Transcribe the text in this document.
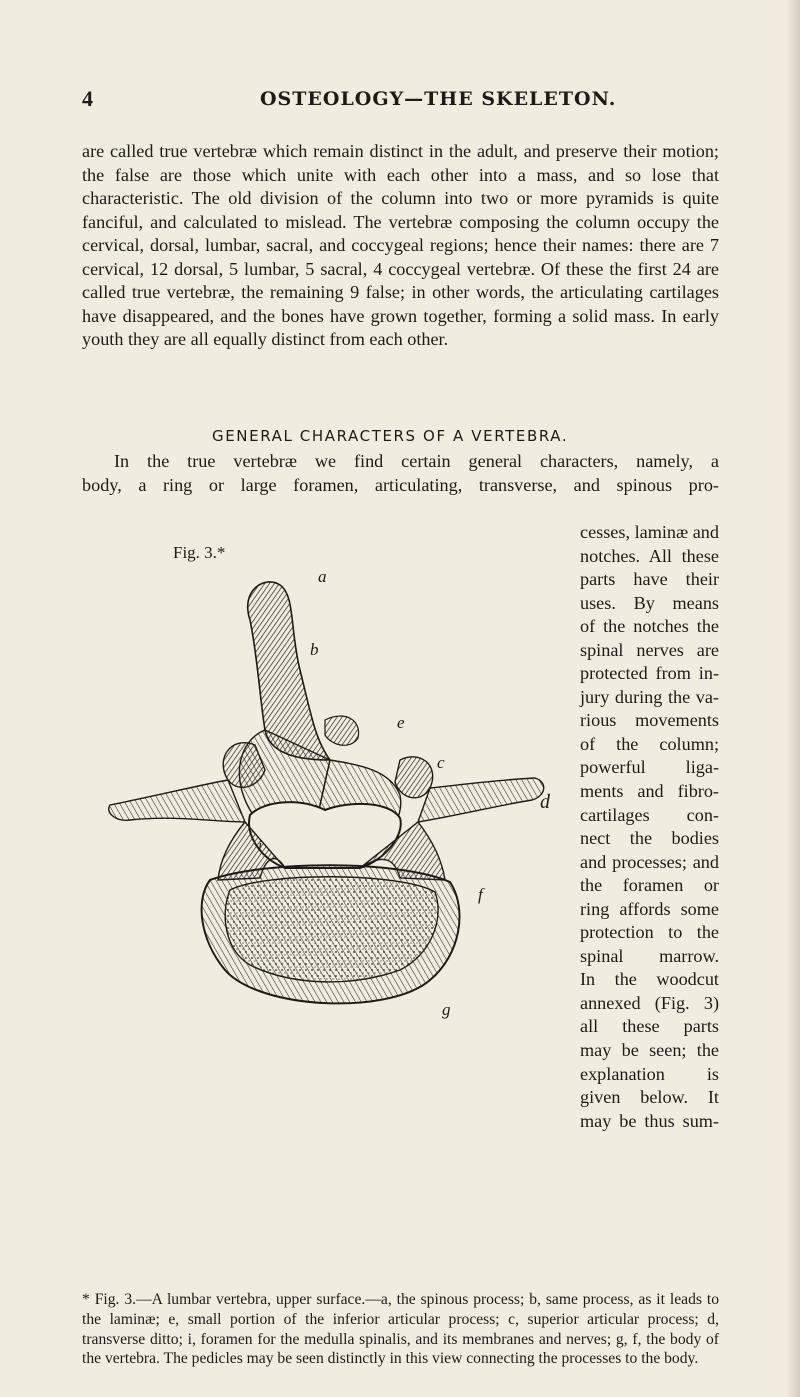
4	OSTEOLOGY—THE SKELETON.
are called true vertebræ which remain distinct in the adult, and preserve their motion; the false are those which unite with each other into a mass, and so lose that characteristic. The old division of the column into two or more pyramids is quite fanciful, and calculated to mislead. The vertebræ composing the column occupy the cervical, dorsal, lumbar, sacral, and coccygeal regions; hence their names: there are 7 cervical, 12 dorsal, 5 lumbar, 5 sacral, 4 coccygeal vertebræ. Of these the first 24 are called true vertebræ, the remaining 9 false; in other words, the articulating cartilages have disappeared, and the bones have grown together, forming a solid mass. In early youth they are all equally distinct from each other.
GENERAL CHARACTERS OF A VERTEBRA.
In the true vertebræ we find certain general characters, namely, a
body, a ring or large foramen, articulating, transverse, and spinous pro-
cesses, laminæ and
notches. All these
parts have their
uses. By means
of the notches the
spinal nerves are
protected from in-
jury during the va-
rious movements
of the column;
powerful liga-
ments and fibro-
cartilages con-
nect the bodies
and processes; and
the foramen or
ring affords some
protection to the
spinal marrow.
In the woodcut
annexed (Fig. 3)
all these parts
may be seen; the
explanation is
given below. It
may be thus sum-
Fig. 3.*
a
b
e
c
d
i
f
g
* Fig. 3.—A lumbar vertebra, upper surface.—a, the spinous process; b, same process, as it leads to the laminæ; e, small portion of the inferior articular process; c, superior articular process; d, transverse ditto; i, foramen for the medulla spinalis, and its membranes and nerves; g, f, the body of the vertebra. The pedicles may be seen distinctly in this view connecting the processes to the body.
